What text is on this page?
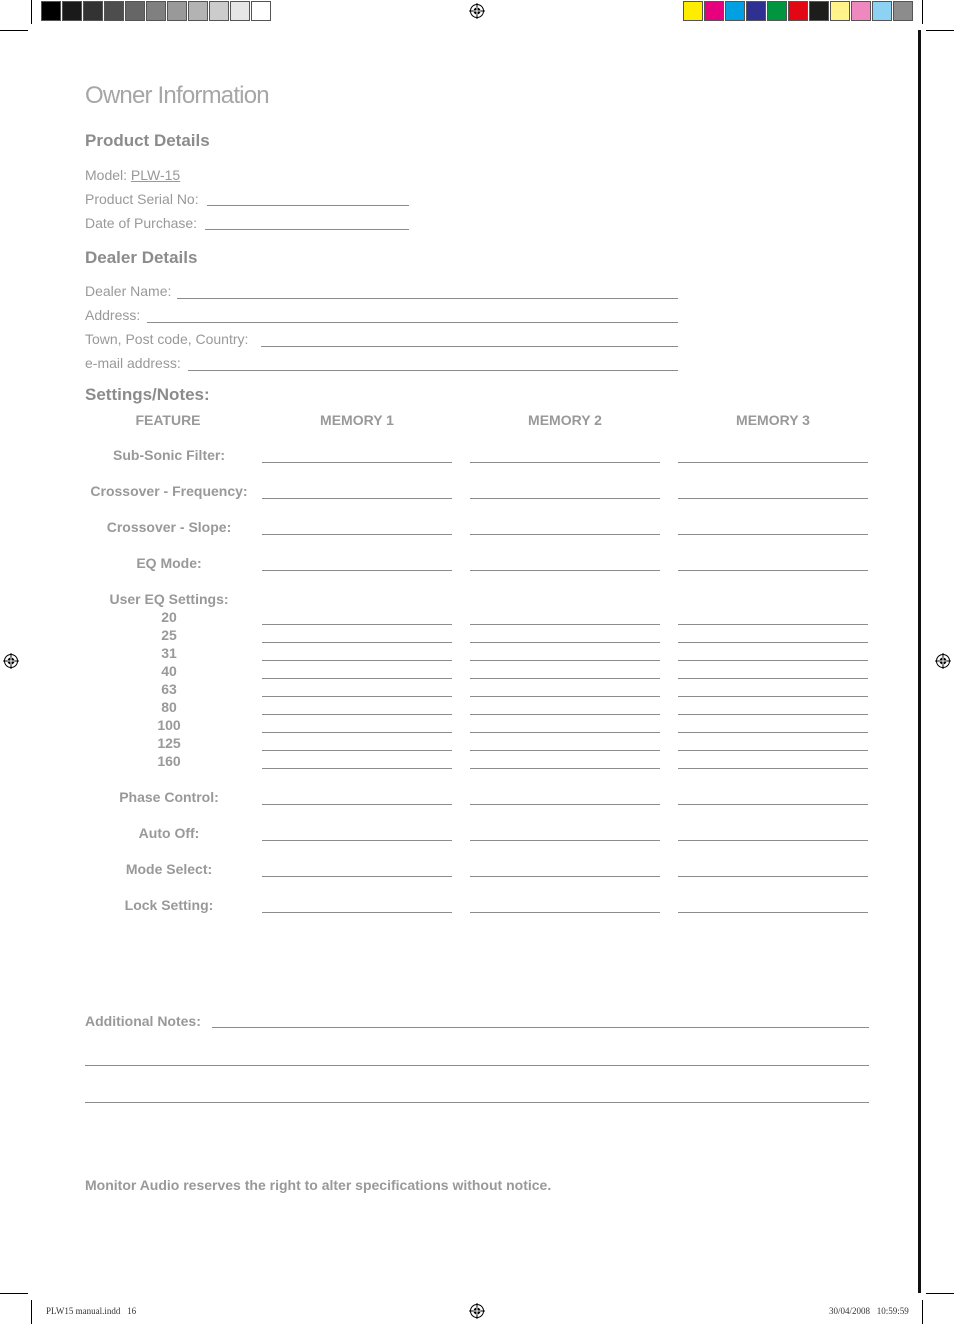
Owner Information
Product Details
Model: PLW-15
Product Serial No:
Date of Purchase:
Dealer Details
Dealer Name:
Address:
Town, Post code, Country:
e-mail address:
Settings/Notes:
FEATURE	MEMORY 1	MEMORY 2	MEMORY 3
Sub-Sonic Filter:
Crossover - Frequency:
Crossover - Slope:
EQ Mode:
User EQ Settings:
20
25
31
40
63
80
100
125
160
Phase Control:
Auto Off:
Mode Select:
Lock Setting:
Additional Notes:
Monitor Audio reserves the right to alter specifications without notice.
PLW15 manual.indd   16	30/04/2008   10:59:59
